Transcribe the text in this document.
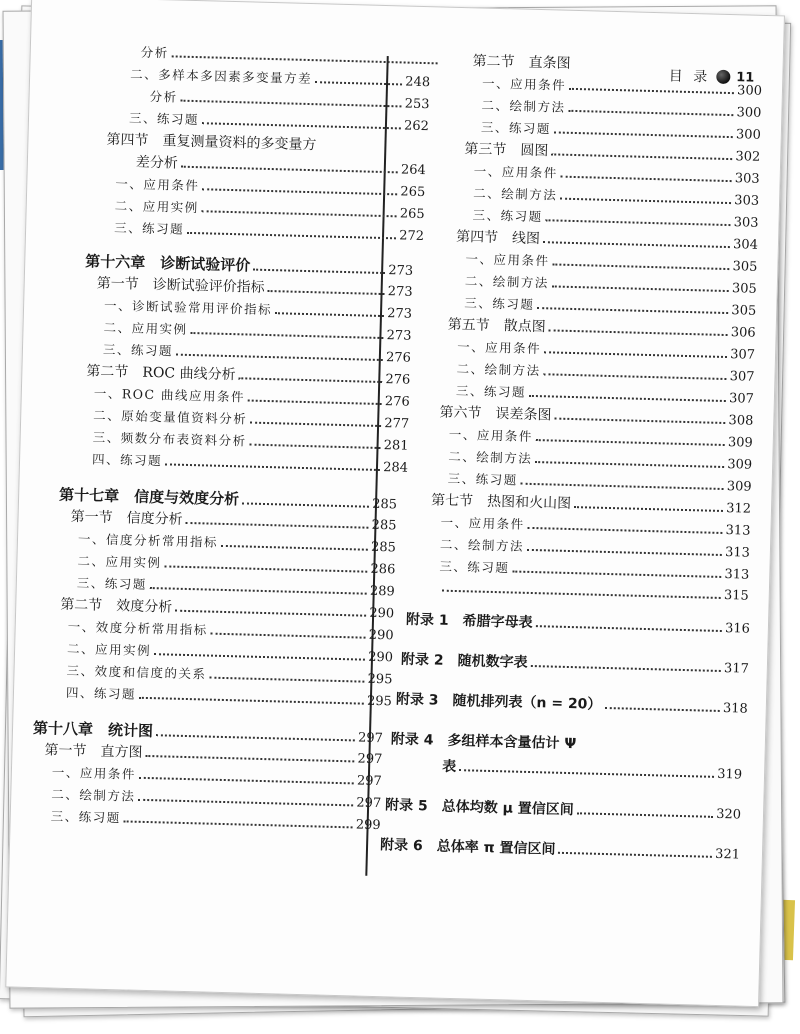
目 录 11
分析
二、多样本多因素多变量方差	248
分析	253
三、练习题	262
第四节　重复测量资料的多变量方
差分析	264
一、应用条件	265
二、应用实例	265
三、练习题	272
第十六章　诊断试验评价	273
第一节　诊断试验评价指标	273
一、诊断试验常用评价指标	273
二、应用实例	273
三、练习题	276
第二节　ROC 曲线分析	276
一、ROC 曲线应用条件	276
二、原始变量值资料分析	277
三、频数分布表资料分析	281
四、练习题	284
第十七章　信度与效度分析	285
第一节　信度分析	285
一、信度分析常用指标	285
二、应用实例	286
三、练习题	289
第二节　效度分析	290
一、效度分析常用指标	290
二、应用实例	290
三、效度和信度的关系	295
四、练习题	295
第十八章　统计图	297
第一节　直方图	297
一、应用条件	297
二、绘制方法	297
三、练习题	299
第二节　直条图
一、应用条件	300
二、绘制方法	300
三、练习题	300
第三节　圆图	302
一、应用条件	303
二、绘制方法	303
三、练习题	303
第四节　线图	304
一、应用条件	305
二、绘制方法	305
三、练习题	305
第五节　散点图	306
一、应用条件	307
二、绘制方法	307
三、练习题	307
第六节　误差条图	308
一、应用条件	309
二、绘制方法	309
三、练习题	309
第七节　热图和火山图	312
一、应用条件	313
二、绘制方法	313
三、练习题	313
315
附录 1　希腊字母表	316
附录 2　随机数字表	317
附录 3　随机排列表（n = 20）	318
附录 4　多组样本含量估计 Ψ
表	319
附录 5　总体均数 μ 置信区间	320
附录 6　总体率 π 置信区间	321
